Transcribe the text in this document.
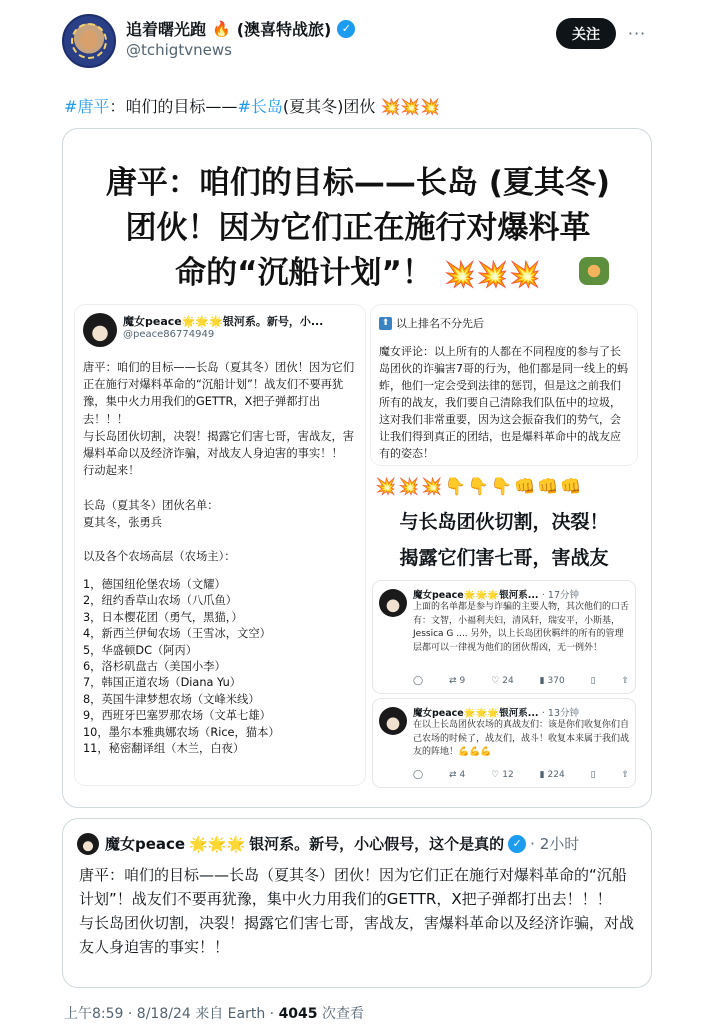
追着曙光跑 🔥 (澳喜特战旅) ✓
@tchigtvnews
关注	···
#唐平：咱们的目标——#长岛(夏其冬)团伙 💥💥💥
唐平：咱们的目标——长岛 (夏其冬)
团伙！因为它们正在施行对爆料革
命的“沉船计划”！ 💥💥💥
魔女peace🌟🌟🌟银河系。新号，小...
@peace86774949
唐平：咱们的目标——长岛（夏其冬）团伙！因为它们正在施行对爆料革命的“沉船计划”！战友们不要再犹豫，集中火力用我们的GETTR，X把子弹都打出去！！！
与长岛团伙切割，决裂！揭露它们害七哥，害战友，害爆料革命以及经济诈骗，对战友人身迫害的事实！！
行动起来！

长岛（夏其冬）团伙名单：
夏其冬，张勇兵

以及各个农场高层（农场主）：
1，德国纽伦堡农场（文耀）
2，纽约香草山农场（八爪鱼）
3，日本樱花团（勇气，黑猫，）
4，新西兰伊甸农场（王雪冰，文空）
5，华盛顿DC（阿丙）
6，洛杉矶盘古（美国小李）
7，韩国正道农场（Diana Yu）
8，英国牛津梦想农场（文峰米线）
9，西班牙巴塞罗那农场（文革七雄）
10，墨尔本雅典娜农场（Rice，猫本）
11，秘密翻译组（木兰，白夜）
⬆ 以上排名不分先后
魔女评论：以上所有的人都在不同程度的参与了长岛团伙的诈骗害7哥的行为，他们都是同一线上的蚂蚱，他们一定会受到法律的惩罚，但是这之前我们所有的战友，我们要自己清除我们队伍中的垃圾，这对我们非常重要，因为这会振奋我们的势气，会让我们得到真正的团结，也是爆料革命中的战友应有的姿态！
💥💥💥👇👇👇👊👊👊
与长岛团伙切割，决裂！
揭露它们害七哥，害战友
魔女peace🌟🌟🌟银河系... · 17分钟
上面的名单都是参与诈骗的主要人物，其次他们的口舌有：文智，小福利夫妇，清风轩，瑞安平，小斯基，Jessica G .... 另外，以上长岛团伙羁绊的所有的管理层都可以一律视为他们的团伙帮凶，无一例外！
◯	⇄ 9	♡ 24	▮ 370	▯	⇧
魔女peace🌟🌟🌟银河系... · 13分钟
在以上长岛团伙农场的真战友们：该是你们收复你们自己农场的时候了，战友们，战斗！收复本来属于我们战友的阵地！💪💪💪
◯	⇄ 4	♡ 12	▮ 224	▯	⇧
魔女peace 🌟🌟🌟 银河系。新号，小心假号，这个是真的 ✓ · 2小时
唐平：咱们的目标——长岛（夏其冬）团伙！因为它们正在施行对爆料革命的“沉船计划”！战友们不要再犹豫，集中火力用我们的GETTR，X把子弹都打出去！！！
与长岛团伙切割，决裂！揭露它们害七哥，害战友，害爆料革命以及经济诈骗，对战友人身迫害的事实！！
上午8:59 · 8/18/24 来自 Earth · 4045 次查看
